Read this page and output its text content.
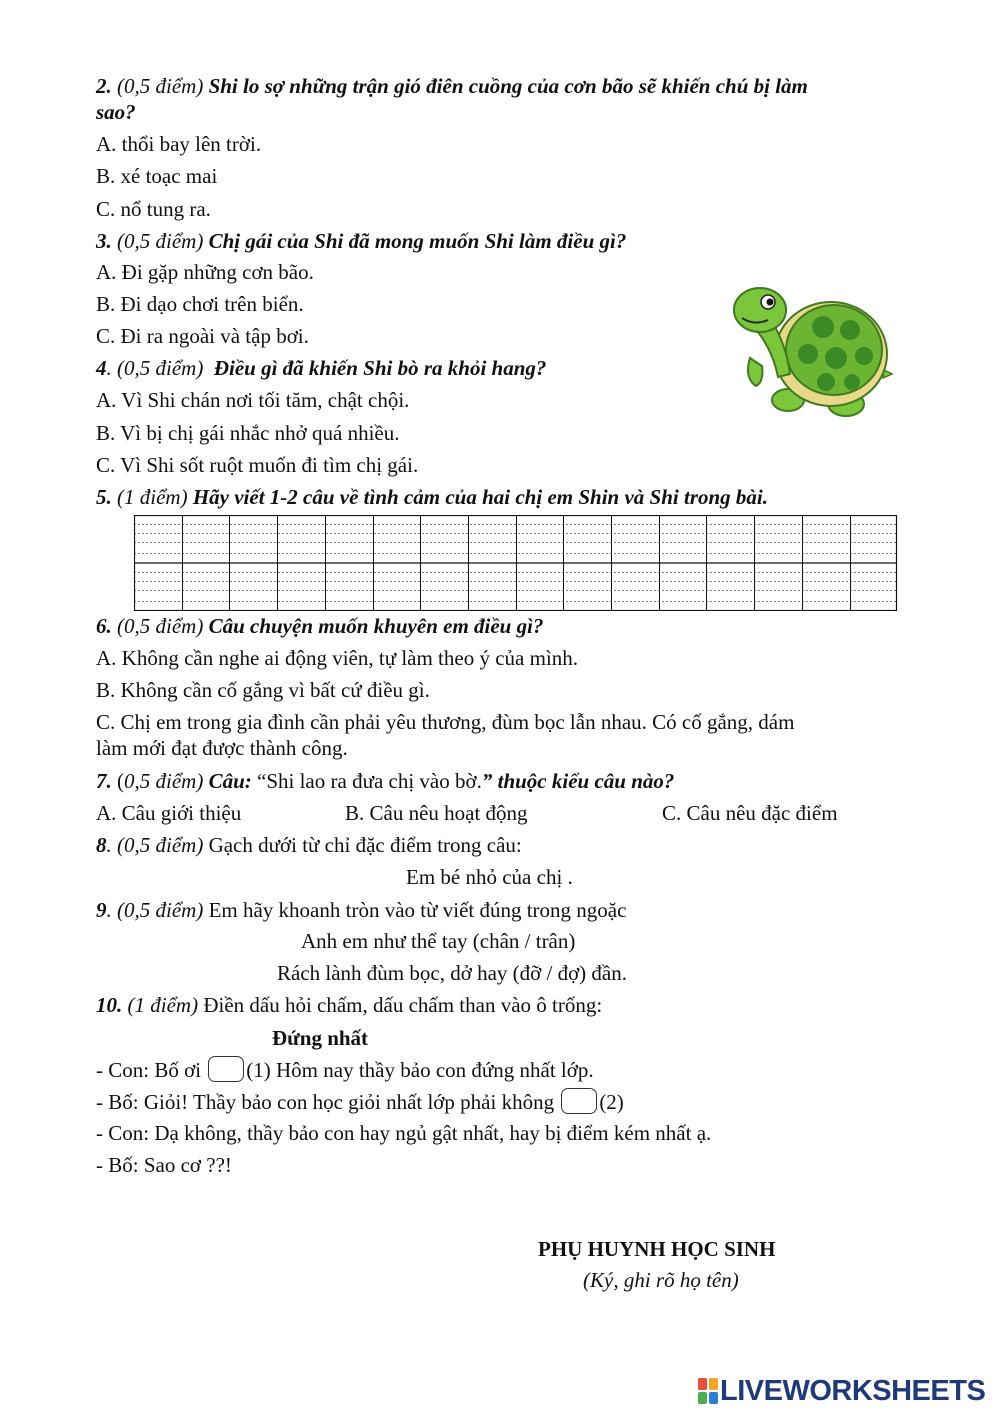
2. (0,5 điểm) Shi lo sợ những trận gió điên cuồng của cơn bão sẽ khiến chú bị làm
sao?
A. thổi bay lên trời.
B. xé toạc mai
C. nổ tung ra.
3. (0,5 điểm) Chị gái của Shi đã mong muốn Shi làm điều gì?
A. Đi gặp những cơn bão.
B. Đi dạo chơi trên biển.
C. Đi ra ngoài và tập bơi.
4. (0,5 điểm) Điều gì đã khiến Shi bò ra khỏi hang?
A. Vì Shi chán nơi tối tăm, chật chội.
B. Vì bị chị gái nhắc nhở quá nhiều.
C. Vì Shi sốt ruột muốn đi tìm chị gái.
5. (1 điểm) Hãy viết 1-2 câu về tình cảm của hai chị em Shin và Shi trong bài.
6. (0,5 điểm) Câu chuyện muốn khuyên em điều gì?
A. Không cần nghe ai động viên, tự làm theo ý của mình.
B. Không cần cố gắng vì bất cứ điều gì.
C. Chị em trong gia đình cần phải yêu thương, đùm bọc lẫn nhau. Có cố gắng, dám
làm mới đạt được thành công.
7. (0,5 điểm) Câu: “Shi lao ra đưa chị vào bờ.” thuộc kiểu câu nào?
A. Câu giới thiệu	B. Câu nêu hoạt động	C. Câu nêu đặc điểm
8. (0,5 điểm) Gạch dưới từ chỉ đặc điểm trong câu:
Em bé nhỏ của chị .
9. (0,5 điểm) Em hãy khoanh tròn vào từ viết đúng trong ngoặc
Anh em như thể tay (chân / trân)
Rách lành đùm bọc, dở hay (đỡ / đợ) đần.
10. (1 điểm) Điền dấu hỏi chấm, dấu chấm than vào ô trống:
Đứng nhất
- Con: Bố ơi (1) Hôm nay thầy bảo con đứng nhất lớp.
- Bố: Giỏi! Thầy bảo con học giỏi nhất lớp phải không (2)
- Con: Dạ không, thầy bảo con hay ngủ gật nhất, hay bị điểm kém nhất ạ.
- Bố: Sao cơ ??!
PHỤ HUYNH HỌC SINH
(Ký, ghi rõ họ tên)
LIVEWORKSHEETS
